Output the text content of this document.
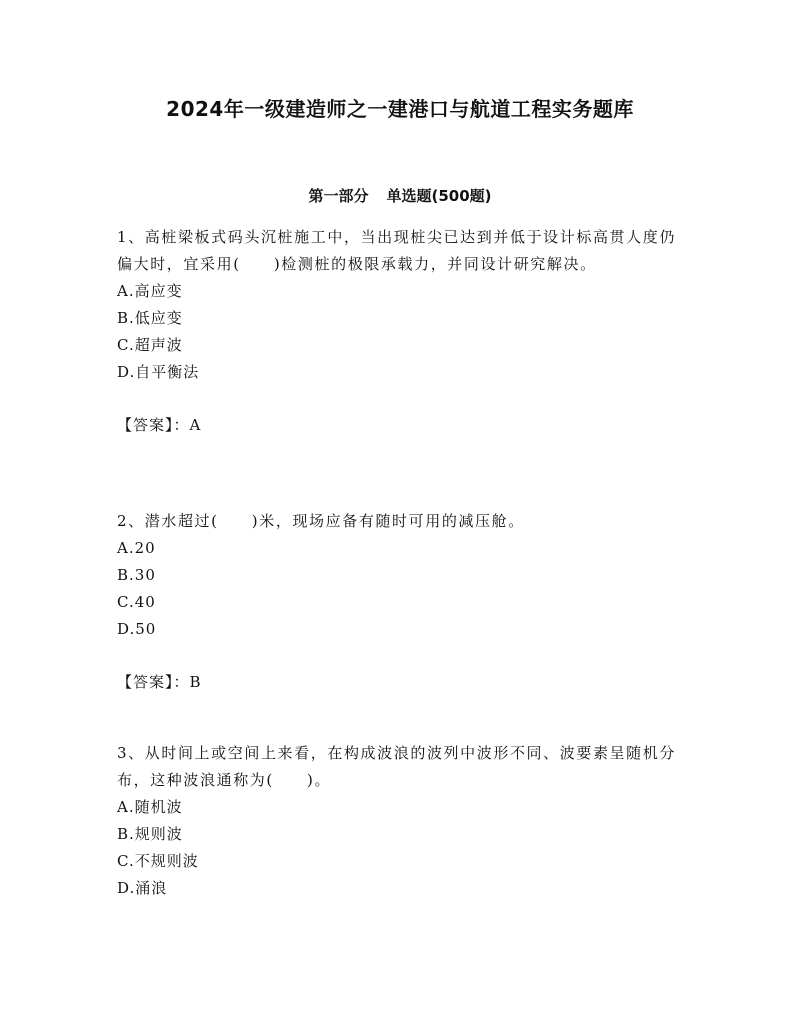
2024年一级建造师之一建港口与航道工程实务题库
第一部分 单选题(500题)

1、高桩梁板式码头沉桩施工中，当出现桩尖已达到并低于设计标高贯人度仍偏大时，宜采用(　　)检测桩的极限承载力，并同设计研究解决。

A.高应变
B.低应变
C.超声波
D.自平衡法
【答案】：A

2、潜水超过(　　)米，现场应备有随时可用的减压舱。

A.20
B.30
C.40
D.50
【答案】：B

3、从时间上或空间上来看，在构成波浪的波列中波形不同、波要素呈随机分布，这种波浪通称为(　　)。

A.随机波
B.规则波
C.不规则波
D.涌浪
